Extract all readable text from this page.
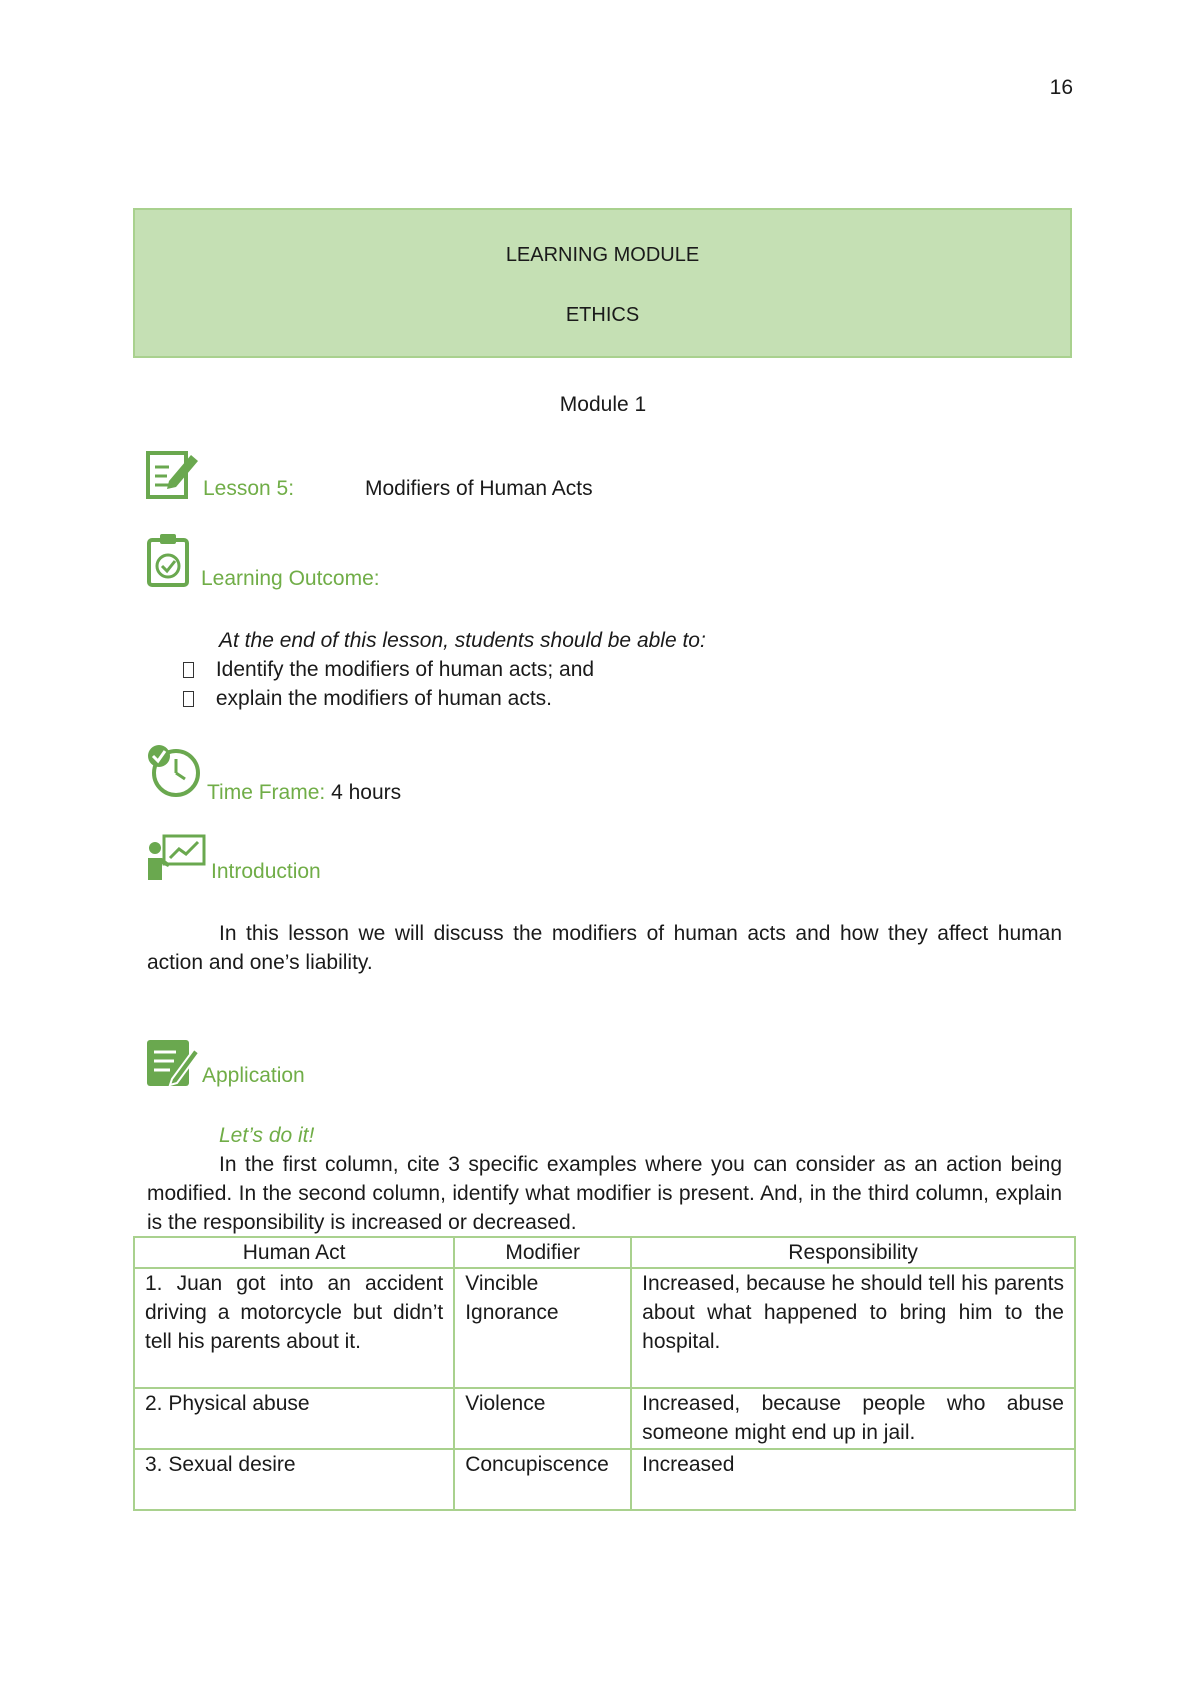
16
LEARNING MODULE
ETHICS
Module 1
Lesson 5:	Modifiers of Human Acts
Learning Outcome:
At the end of this lesson, students should be able to:
Identify the modifiers of human acts; and
explain the modifiers of human acts.
Time Frame: 4 hours
Introduction
In this lesson we will discuss the modifiers of human acts and how they affect human action and one’s liability.
Application
Let’s do it!
In the first column, cite 3 specific examples where you can consider as an action being modified. In the second column, identify what modifier is present. And, in the third column, explain is the responsibility is increased or decreased.
Human Act	Modifier	Responsibility
1. Juan got into an accident driving a motorcycle but didn’t tell his parents about it.	Vincible Ignorance	Increased, because he should tell his parents about what happened to bring him to the hospital.
2. Physical abuse	Violence	Increased, because people who abuse someone might end up in jail.
3. Sexual desire	Concupiscence	Increased
